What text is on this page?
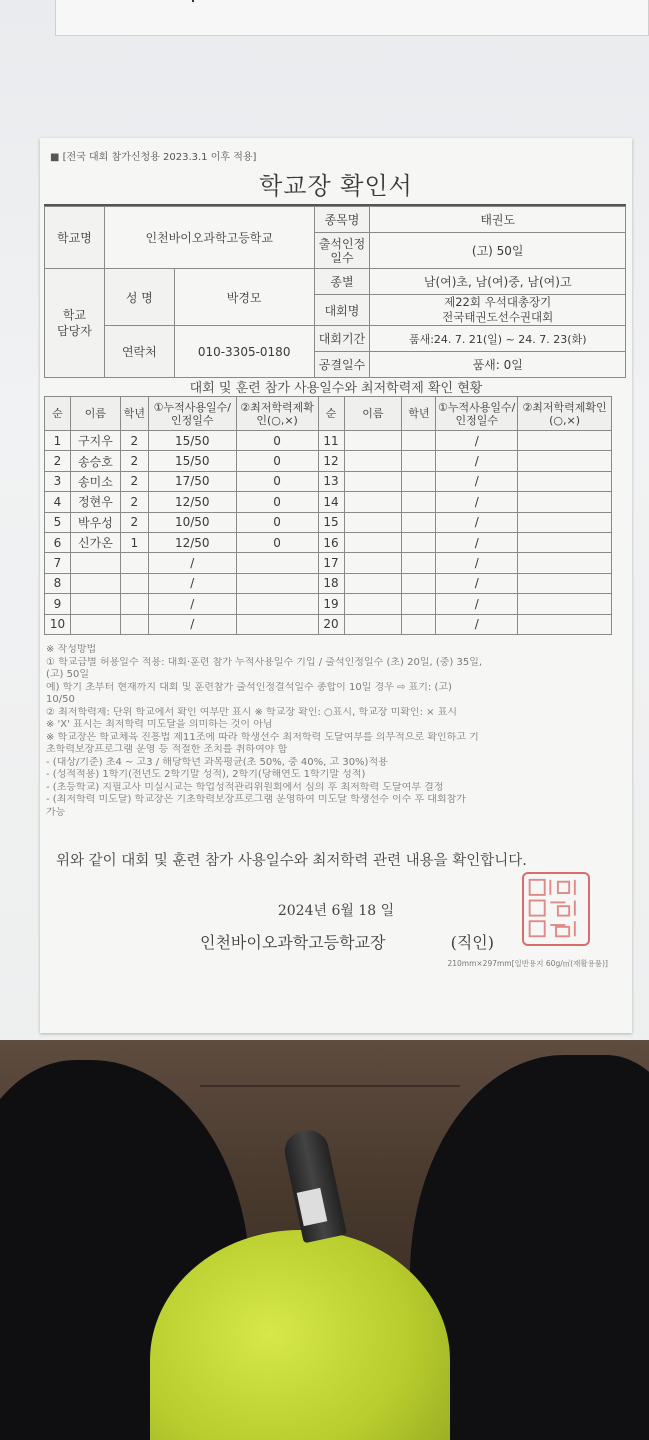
■ [전국 대회 참가신청용 2023.3.1 이후 적용]
학교장 확인서
학교명	인천바이오과학고등학교		종목명	태권도
			출석인정일수	(고) 50일
학교
담당자	성 명	박경모	종별	남(여)초, 남(여)중, 남(여)고
			대회명	제22회 우석대총장기
전국태권도선수권대회
	연락처	010-3305-0180	대회기간	품새:24. 7. 21(일) ~ 24. 7. 23(화)
			공결일수	품새: 0일
대회 및 훈련 참가 사용일수와 최저학력제 확인 현황
순	이름	학년	①누적사용일수/인정일수	②최저학력제확인(○,×)	순	이름	학년	①누적사용일수/인정일수	②최저학력제확인(○,×)
1	구지우	2	15/50	0	11			/	
2	송승호	2	15/50	0	12			/	
3	송미소	2	17/50	0	13			/	
4	정현우	2	12/50	0	14			/	
5	박우성	2	10/50	0	15			/	
6	신가온	1	12/50	0	16			/	
7			/		17			/	
8			/		18			/	
9			/		19			/	
10			/		20			/	
※ 작성방법
① 학교급별 허용일수 적용: 대회·훈련 참가 누적사용일수 기입 / 출석인정일수 (초) 20일, (중) 35일,
(고) 50일
예) 학기 초부터 현재까지 대회 및 훈련참가 출석인정결석일수 총합이 10일 경우 ⇨ 표기: (고)
10/50
② 최저학력제: 단위 학교에서 확인 여부만 표시 ※ 학교장 확인: ○표시, 학교장 미확인: × 표시
※ 'X' 표시는 최저학력 미도달을 의미하는 것이 아님
※ 학교장은 학교체육 진흥법 제11조에 따라 학생선수 최저학력 도달여부를 의무적으로 확인하고 기
초학력보장프로그램 운영 등 적절한 조치를 취하여야 함
- (대상/기준) 초4 ~ 고3 / 해당학년 과목평균(초 50%, 중 40%, 고 30%)적용
- (성적적용) 1학기(전년도 2학기말 성적), 2학기(당해연도 1학기말 성적)
- (초등학교) 지필고사 미실시교는 학업성적관리위원회에서 심의 후 최저학력 도달여부 결정
- (최저학력 미도달) 학교장은 기초학력보장프로그램 운영하여 미도달 학생선수 이수 후 대회참가
가능
위와 같이 대회 및 훈련 참가 사용일수와 최저학력 관련 내용을 확인합니다.
2024년 6월 18 일
인천바이오과학고등학교장	(직인)
210mm×297mm[일반용지 60g/㎡(재활용품)]
